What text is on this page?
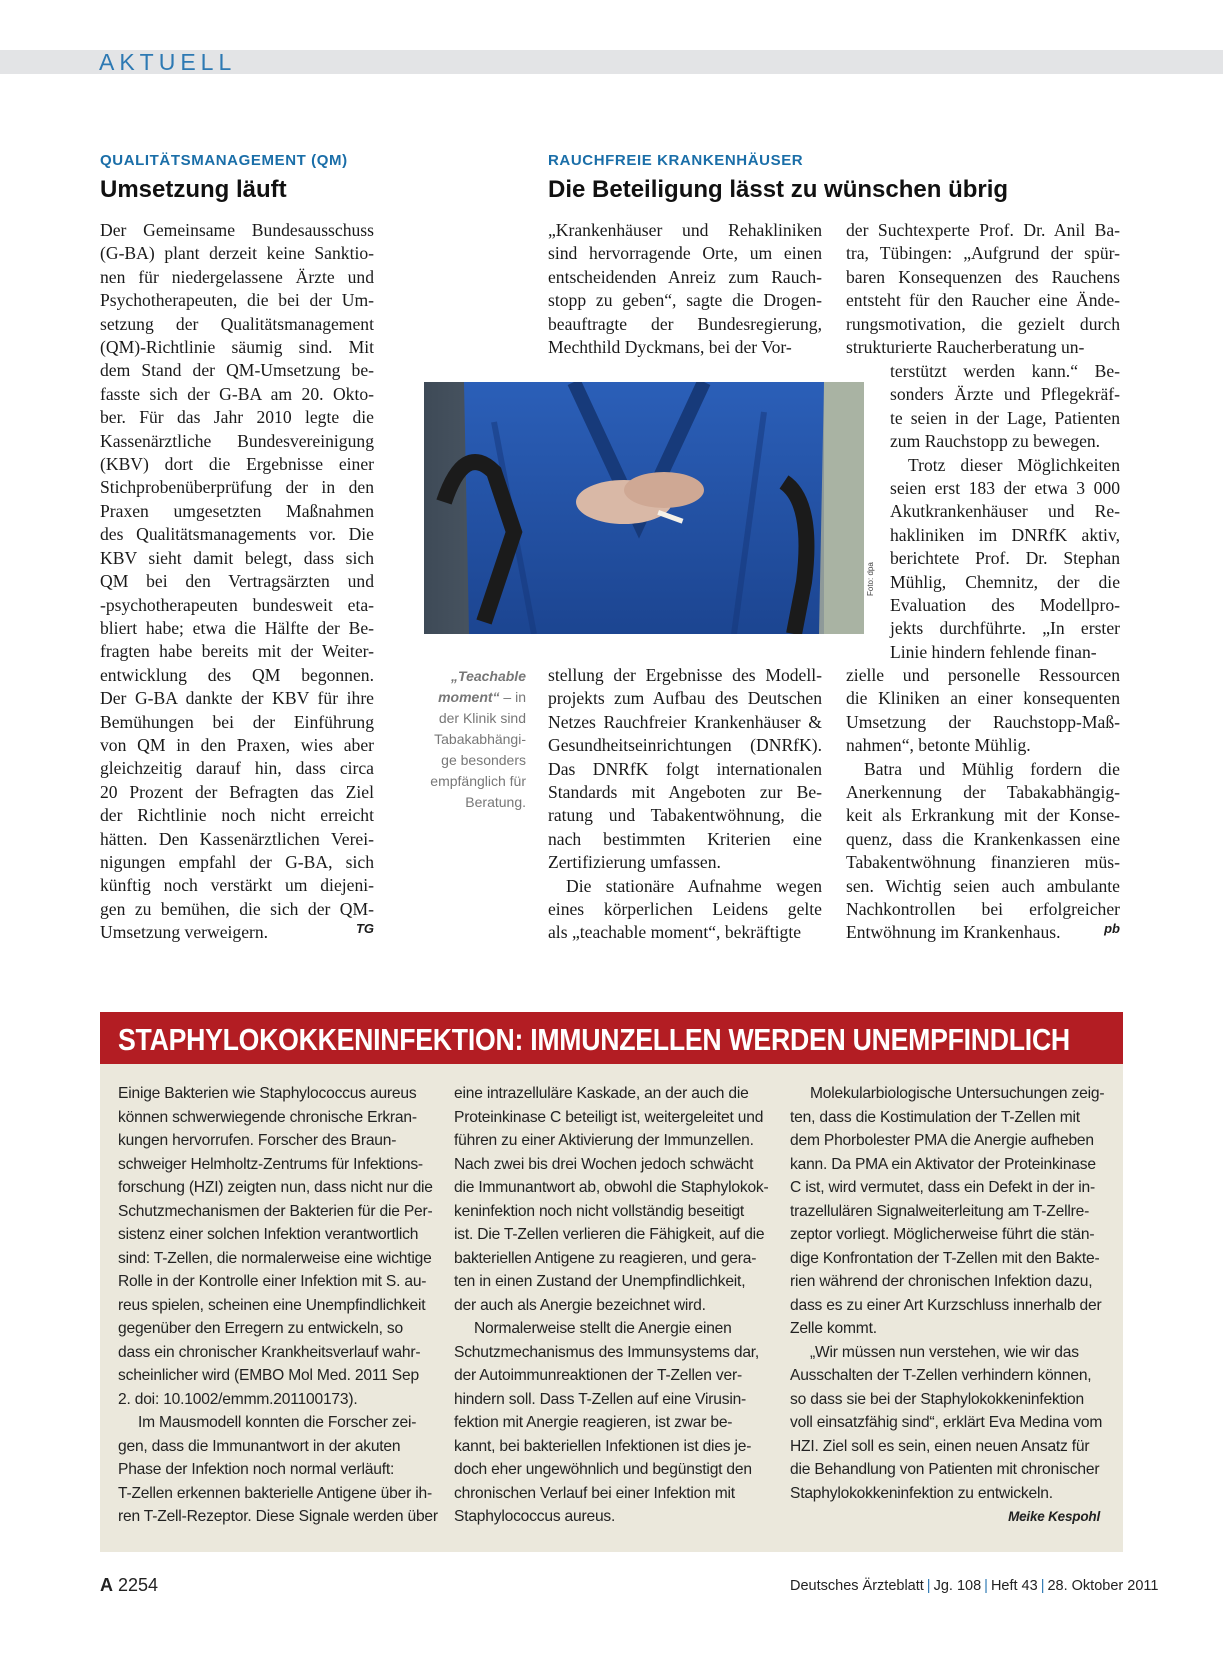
AKTUELL
QUALITÄTSMANAGEMENT (QM)
Umsetzung läuft
Der Gemeinsame Bundesausschuss
(G-BA) plant derzeit keine Sanktio-
nen für niedergelassene Ärzte und
Psychotherapeuten, die bei der Um-
setzung der Qualitätsmanagement
(QM)-Richtlinie säumig sind. Mit
dem Stand der QM-Umsetzung be-
fasste sich der G-BA am 20. Okto-
ber. Für das Jahr 2010 legte die
Kassenärztliche Bundesvereinigung
(KBV) dort die Ergebnisse einer
Stichprobenüberprüfung der in den
Praxen umgesetzten Maßnahmen
des Qualitätsmanagements vor. Die
KBV sieht damit belegt, dass sich
QM bei den Vertragsärzten und
-psychotherapeuten bundesweit eta-
bliert habe; etwa die Hälfte der Be-
fragten habe bereits mit der Weiter-
entwicklung des QM begonnen.
Der G-BA dankte der KBV für ihre
Bemühungen bei der Einführung
von QM in den Praxen, wies aber
gleichzeitig darauf hin, dass circa
20 Prozent der Befragten das Ziel
der Richtlinie noch nicht erreicht
hätten. Den Kassenärztlichen Verei-
nigungen empfahl der G-BA, sich
künftig noch verstärkt um diejeni-
gen zu bemühen, die sich der QM-
Umsetzung verweigern.	TG
RAUCHFREIE KRANKENHÄUSER
Die Beteiligung lässt zu wünschen übrig
„Krankenhäuser und Rehakliniken
sind hervorragende Orte, um einen
entscheidenden Anreiz zum Rauch-
stopp zu geben“, sagte die Drogen-
beauftragte der Bundesregierung,
Mechthild Dyckmans, bei der Vor-
stellung der Ergebnisse des Modell-
projekts zum Aufbau des Deutschen
Netzes Rauchfreier Krankenhäuser &
Gesundheitseinrichtungen (DNRfK).
Das DNRfK folgt internationalen
Standards mit Angeboten zur Be-
ratung und Tabakentwöhnung, die
nach bestimmten Kriterien eine
Zertifizierung umfassen.
Die stationäre Aufnahme wegen
eines körperlichen Leidens gelte
als „teachable moment“, bekräftigte
der Suchtexperte Prof. Dr. Anil Ba-
tra, Tübingen: „Aufgrund der spür-
baren Konsequenzen des Rauchens
entsteht für den Raucher eine Ände-
rungsmotivation, die gezielt durch
strukturierte Raucherberatung un-
terstützt werden kann.“ Be-
sonders Ärzte und Pflegekräf-
te seien in der Lage, Patienten
zum Rauchstopp zu bewegen.
Trotz dieser Möglichkeiten
seien erst 183 der etwa 3 000
Akutkrankenhäuser und Re-
hakliniken im DNRfK aktiv,
berichtete Prof. Dr. Stephan
Mühlig, Chemnitz, der die
Evaluation des Modellpro-
jekts durchführte. „In erster
Linie hindern fehlende finan-
zielle und personelle Ressourcen
die Kliniken an einer konsequenten
Umsetzung der Rauchstopp-Maß-
nahmen“, betonte Mühlig.
Batra und Mühlig fordern die
Anerkennung der Tabakabhängig-
keit als Erkrankung mit der Konse-
quenz, dass die Krankenkassen eine
Tabakentwöhnung finanzieren müs-
sen. Wichtig seien auch ambulante
Nachkontrollen bei erfolgreicher
Entwöhnung im Krankenhaus.	pb
Foto: dpa
„Teachable moment“ – in
der Klinik sind
Tabakabhängi-
ge besonders
empfänglich für
Beratung.
STAPHYLOKOKKENINFEKTION: IMMUNZELLEN WERDEN UNEMPFINDLICH
Einige Bakterien wie Staphylococcus aureus
können schwerwiegende chronische Erkran-
kungen hervorrufen. Forscher des Braun-
schweiger Helmholtz-Zentrums für Infektions-
forschung (HZI) zeigten nun, dass nicht nur die
Schutzmechanismen der Bakterien für die Per-
sistenz einer solchen Infektion verantwortlich
sind: T-Zellen, die normalerweise eine wichtige
Rolle in der Kontrolle einer Infektion mit S. au-
reus spielen, scheinen eine Unempfindlichkeit
gegenüber den Erregern zu entwickeln, so
dass ein chronischer Krankheitsverlauf wahr-
scheinlicher wird (EMBO Mol Med. 2011 Sep
2. doi: 10.1002/emmm.201100173).
Im Mausmodell konnten die Forscher zei-
gen, dass die Immunantwort in der akuten
Phase der Infektion noch normal verläuft:
T-Zellen erkennen bakterielle Antigene über ih-
ren T-Zell-Rezeptor. Diese Signale werden über
eine intrazelluläre Kaskade, an der auch die
Proteinkinase C beteiligt ist, weitergeleitet und
führen zu einer Aktivierung der Immunzellen.
Nach zwei bis drei Wochen jedoch schwächt
die Immunantwort ab, obwohl die Staphylokok-
keninfektion noch nicht vollständig beseitigt
ist. Die T-Zellen verlieren die Fähigkeit, auf die
bakteriellen Antigene zu reagieren, und gera-
ten in einen Zustand der Unempfindlichkeit,
der auch als Anergie bezeichnet wird.
Normalerweise stellt die Anergie einen
Schutzmechanismus des Immunsystems dar,
der Autoimmunreaktionen der T-Zellen ver-
hindern soll. Dass T-Zellen auf eine Virusin-
fektion mit Anergie reagieren, ist zwar be-
kannt, bei bakteriellen Infektionen ist dies je-
doch eher ungewöhnlich und begünstigt den
chronischen Verlauf bei einer Infektion mit
Staphylococcus aureus.
Molekularbiologische Untersuchungen zeig-
ten, dass die Kostimulation der T-Zellen mit
dem Phorbolester PMA die Anergie aufheben
kann. Da PMA ein Aktivator der Proteinkinase
C ist, wird vermutet, dass ein Defekt in der in-
trazellulären Signalweiterleitung am T-Zellre-
zeptor vorliegt. Möglicherweise führt die stän-
dige Konfrontation der T-Zellen mit den Bakte-
rien während der chronischen Infektion dazu,
dass es zu einer Art Kurzschluss innerhalb der
Zelle kommt.
„Wir müssen nun verstehen, wie wir das
Ausschalten der T-Zellen verhindern können,
so dass sie bei der Staphylokokkeninfektion
voll einsatzfähig sind“, erklärt Eva Medina vom
HZI. Ziel soll es sein, einen neuen Ansatz für
die Behandlung von Patienten mit chronischer
Staphylokokkeninfektion zu entwickeln.
Meike Kespohl
A 2254	Deutsches Ärzteblatt | Jg. 108 | Heft 43 | 28. Oktober 2011
